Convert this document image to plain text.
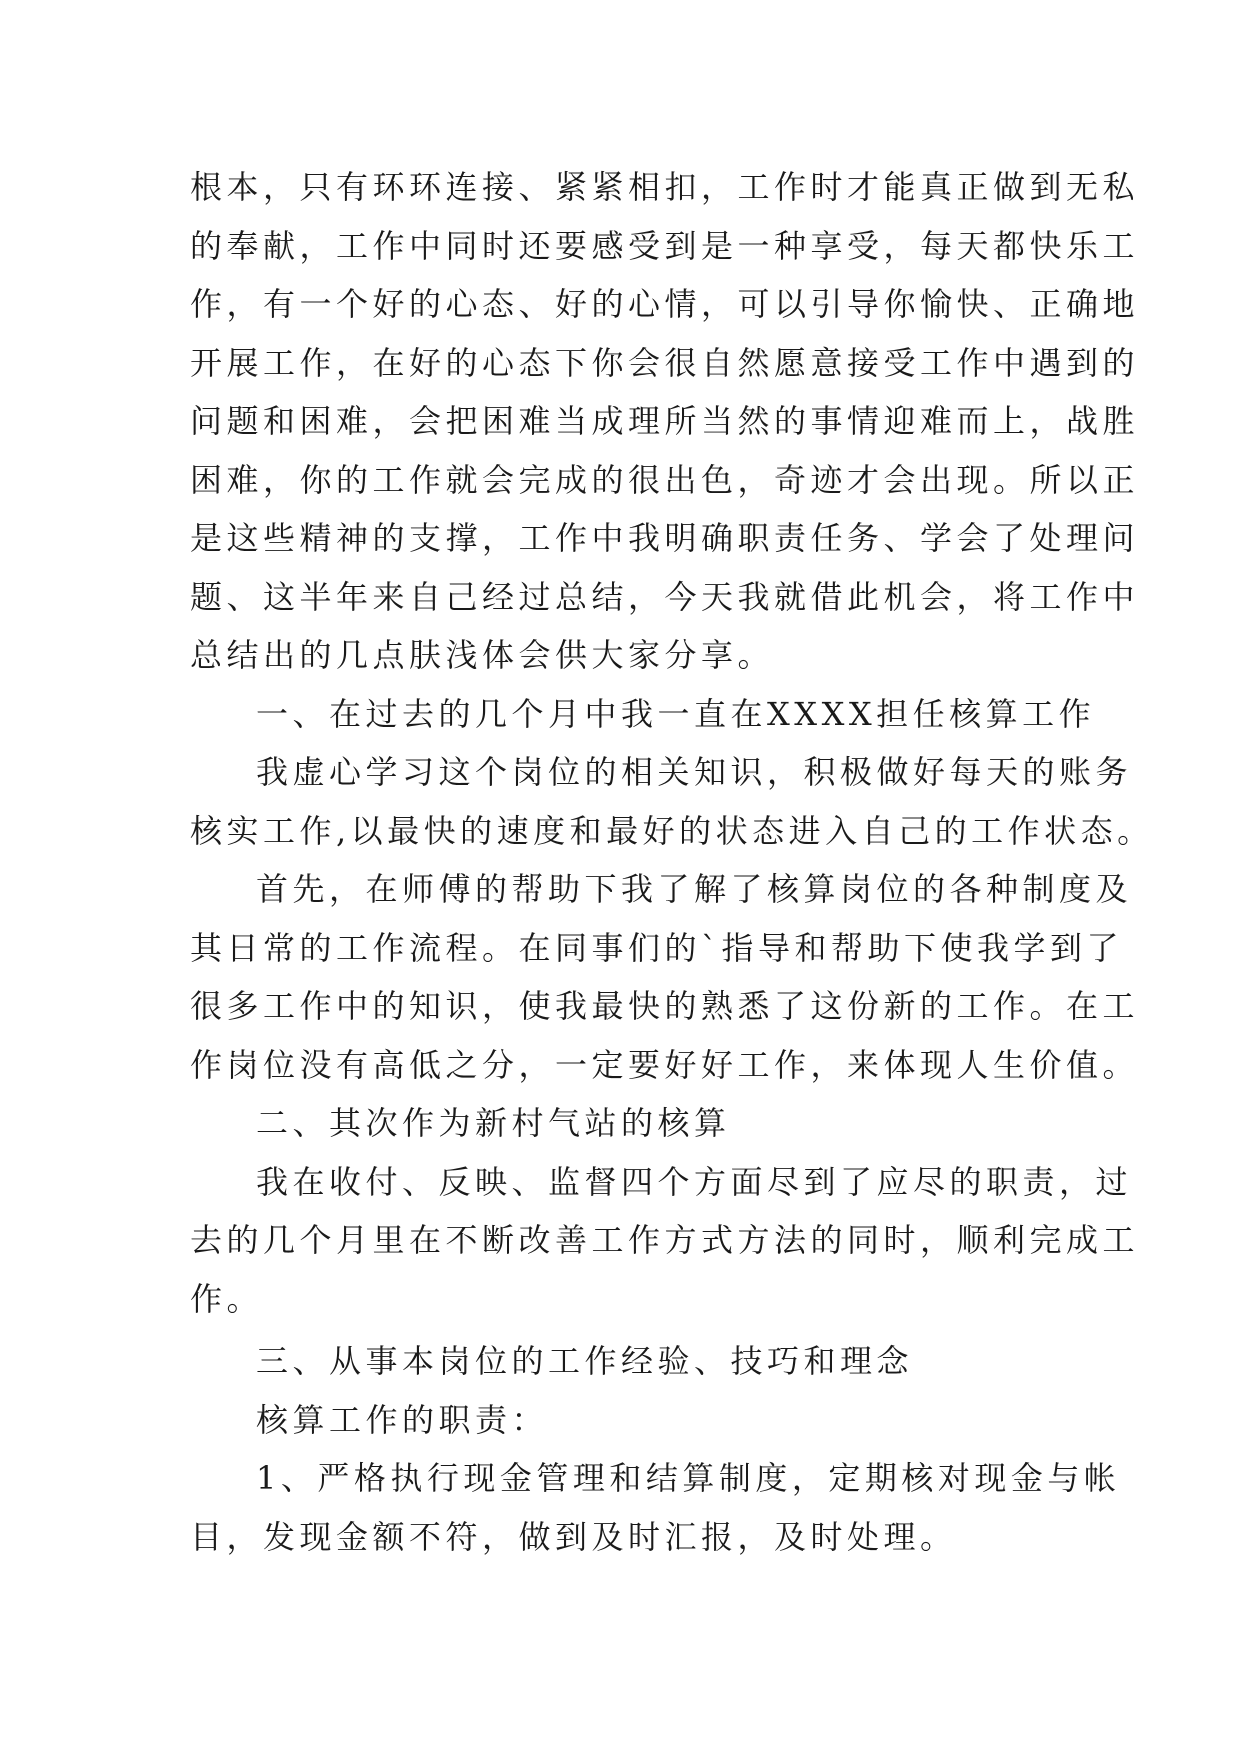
根本，只有环环连接、紧紧相扣，工作时才能真正做到无私
的奉献，工作中同时还要感受到是一种享受，每天都快乐工
作，有一个好的心态、好的心情，可以引导你愉快、正确地
开展工作，在好的心态下你会很自然愿意接受工作中遇到的
问题和困难，会把困难当成理所当然的事情迎难而上，战胜
困难，你的工作就会完成的很出色，奇迹才会出现。所以正
是这些精神的支撑，工作中我明确职责任务、学会了处理问
题、这半年来自己经过总结，今天我就借此机会，将工作中
总结出的几点肤浅体会供大家分享。
一、在过去的几个月中我一直在XXXX担任核算工作
我虚心学习这个岗位的相关知识，积极做好每天的账务
核实工作,以最快的速度和最好的状态进入自己的工作状态。
首先，在师傅的帮助下我了解了核算岗位的各种制度及
其日常的工作流程。在同事们的`指导和帮助下使我学到了
很多工作中的知识，使我最快的熟悉了这份新的工作。在工
作岗位没有高低之分，一定要好好工作，来体现人生价值。
二、其次作为新村气站的核算
我在收付、反映、监督四个方面尽到了应尽的职责，过
去的几个月里在不断改善工作方式方法的同时，顺利完成工
作。
三、从事本岗位的工作经验、技巧和理念
核算工作的职责：
1、严格执行现金管理和结算制度，定期核对现金与帐
目，发现金额不符，做到及时汇报，及时处理。
